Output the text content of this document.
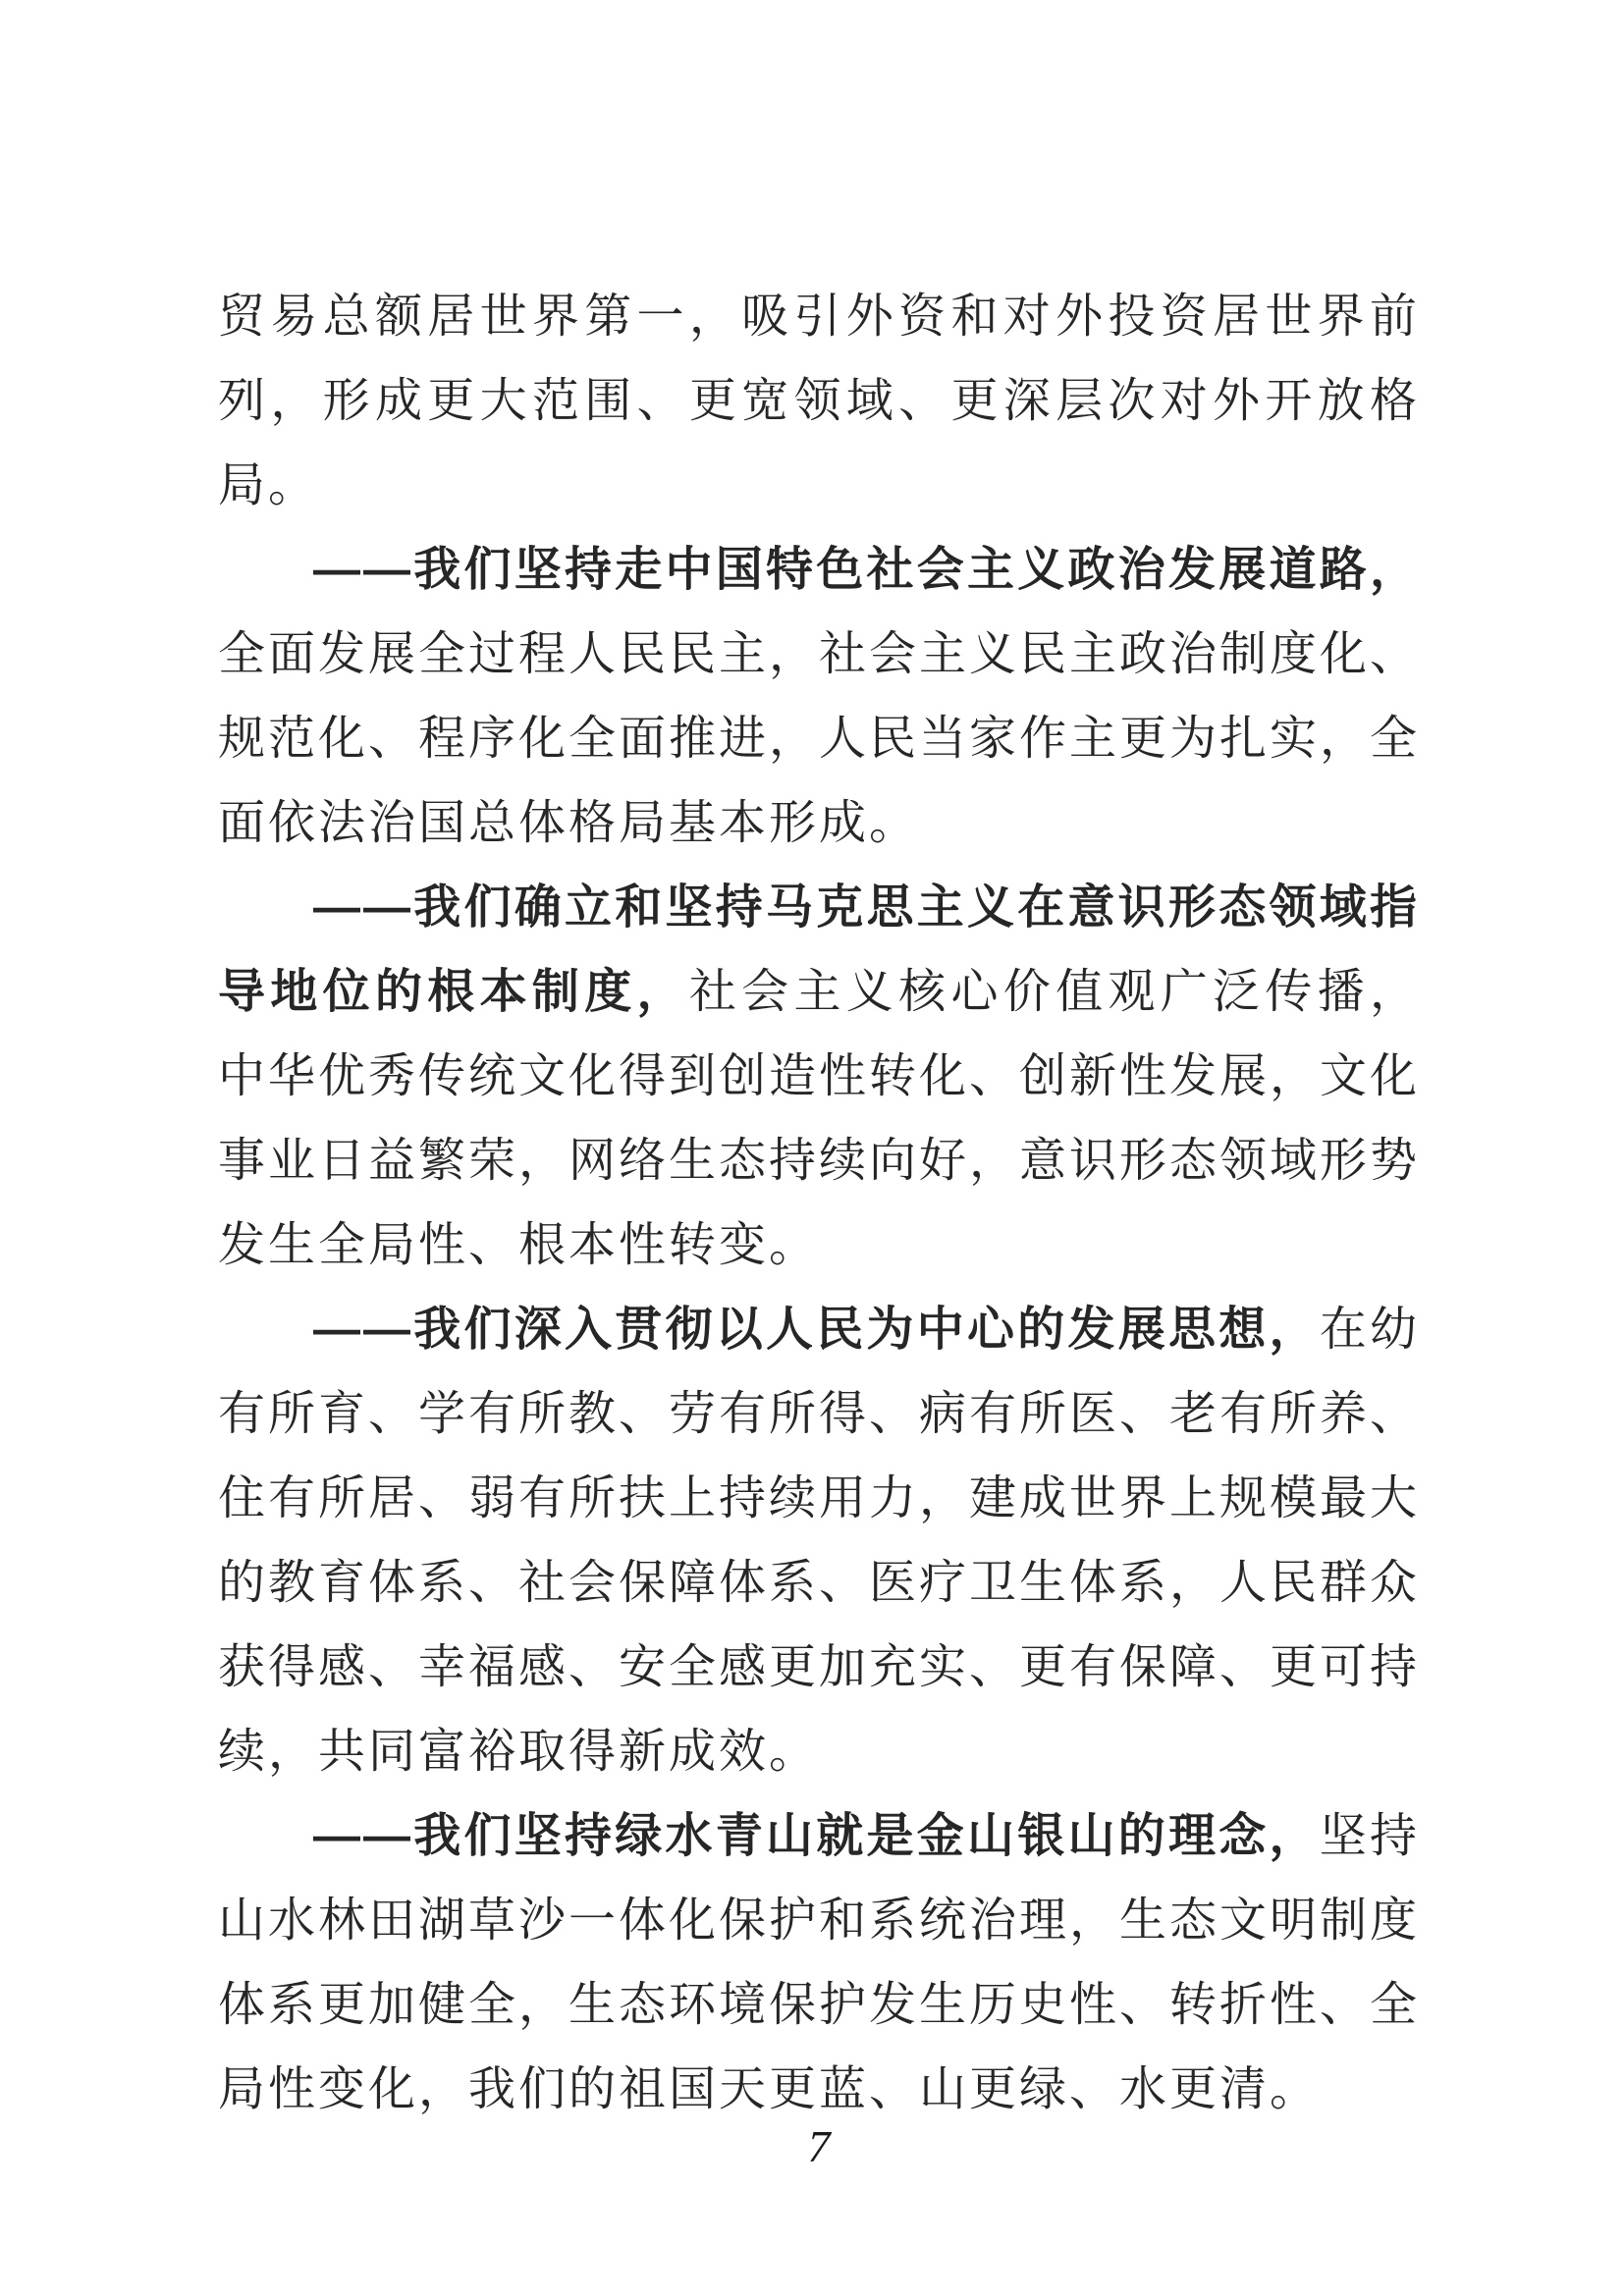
贸易总额居世界第一，吸引外资和对外投资居世界前列，形成更大范围、更宽领域、更深层次对外开放格局。

——我们坚持走中国特色社会主义政治发展道路，全面发展全过程人民民主，社会主义民主政治制度化、规范化、程序化全面推进，人民当家作主更为扎实，全面依法治国总体格局基本形成。

——我们确立和坚持马克思主义在意识形态领域指导地位的根本制度，社会主义核心价值观广泛传播，中华优秀传统文化得到创造性转化、创新性发展，文化事业日益繁荣，网络生态持续向好，意识形态领域形势发生全局性、根本性转变。

——我们深入贯彻以人民为中心的发展思想，在幼有所育、学有所教、劳有所得、病有所医、老有所养、住有所居、弱有所扶上持续用力，建成世界上规模最大的教育体系、社会保障体系、医疗卫生体系，人民群众获得感、幸福感、安全感更加充实、更有保障、更可持续，共同富裕取得新成效。

——我们坚持绿水青山就是金山银山的理念，坚持山水林田湖草沙一体化保护和系统治理，生态文明制度体系更加健全，生态环境保护发生历史性、转折性、全局性变化，我们的祖国天更蓝、山更绿、水更清。

7
